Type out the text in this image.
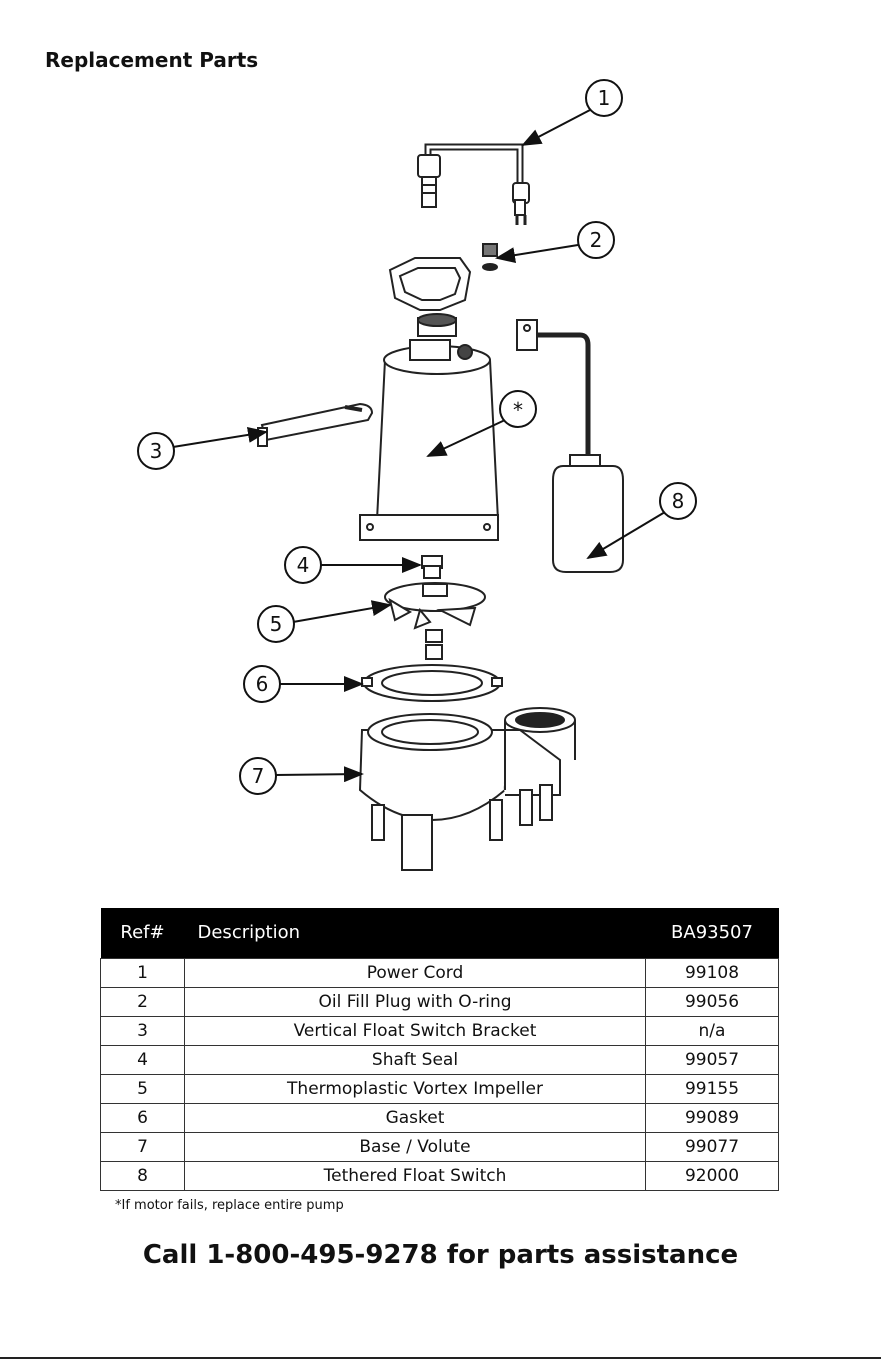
Replacement Parts
1
2
3
*
8
4
5
6
7
Ref#	Description	BA93507
1	Power Cord	99108
2	Oil Fill Plug with O-ring	99056
3	Vertical Float Switch Bracket	n/a
4	Shaft Seal	99057
5	Thermoplastic Vortex Impeller	99155
6	Gasket	99089
7	Base / Volute	99077
8	Tethered Float Switch	92000
*If motor fails, replace entire pump
Call 1-800-495-9278 for parts assistance
